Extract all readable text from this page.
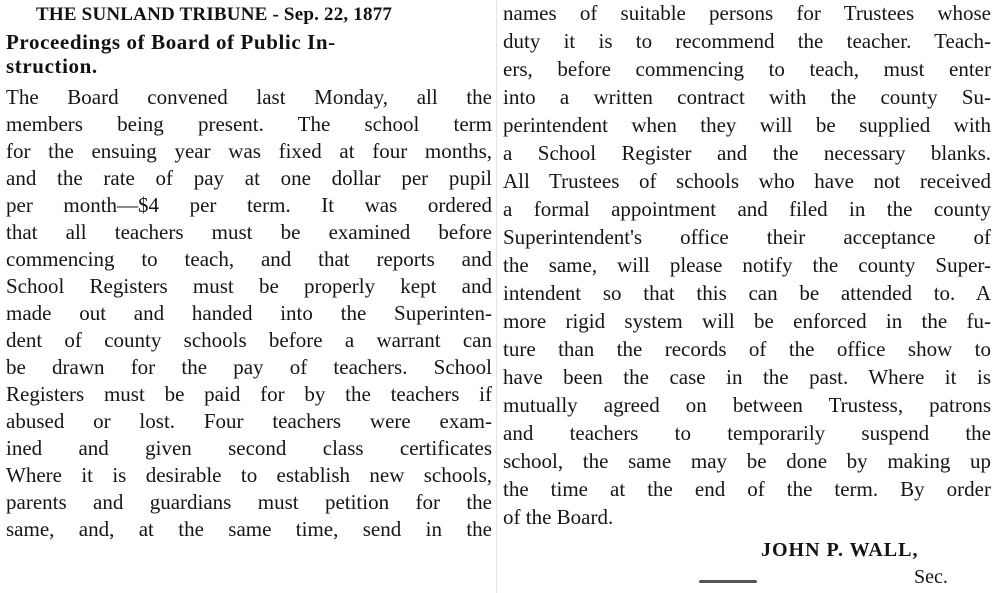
THE SUNLAND TRIBUNE - Sep. 22, 1877
Proceedings of Board of Public In-
struction.
The Board convened last Monday, all the
members being present. The school term
for the ensuing year was fixed at four months,
and the rate of pay at one dollar per pupil
per month—$4 per term. It was ordered
that all teachers must be examined before
commencing to teach, and that reports and
School Registers must be properly kept and
made out and handed into the Superinten-
dent of county schools before a warrant can
be drawn for the pay of teachers. School
Registers must be paid for by the teachers if
abused or lost. Four teachers were exam-
ined and given second class certificates
Where it is desirable to establish new schools,
parents and guardians must petition for the
same, and, at the same time, send in the
names of suitable persons for Trustees whose
duty it is to recommend the teacher. Teach-
ers, before commencing to teach, must enter
into a written contract with the county Su-
perintendent when they will be supplied with
a School Register and the necessary blanks.
All Trustees of schools who have not received
a formal appointment and filed in the county
Superintendent's office their acceptance of
the same, will please notify the county Super-
intendent so that this can be attended to. A
more rigid system will be enforced in the fu-
ture than the records of the office show to
have been the case in the past. Where it is
mutually agreed on between Trustess, patrons
and teachers to temporarily suspend the
school, the same may be done by making up
the time at the end of the term. By order
of the Board.
JOHN P. WALL,
Sec.
